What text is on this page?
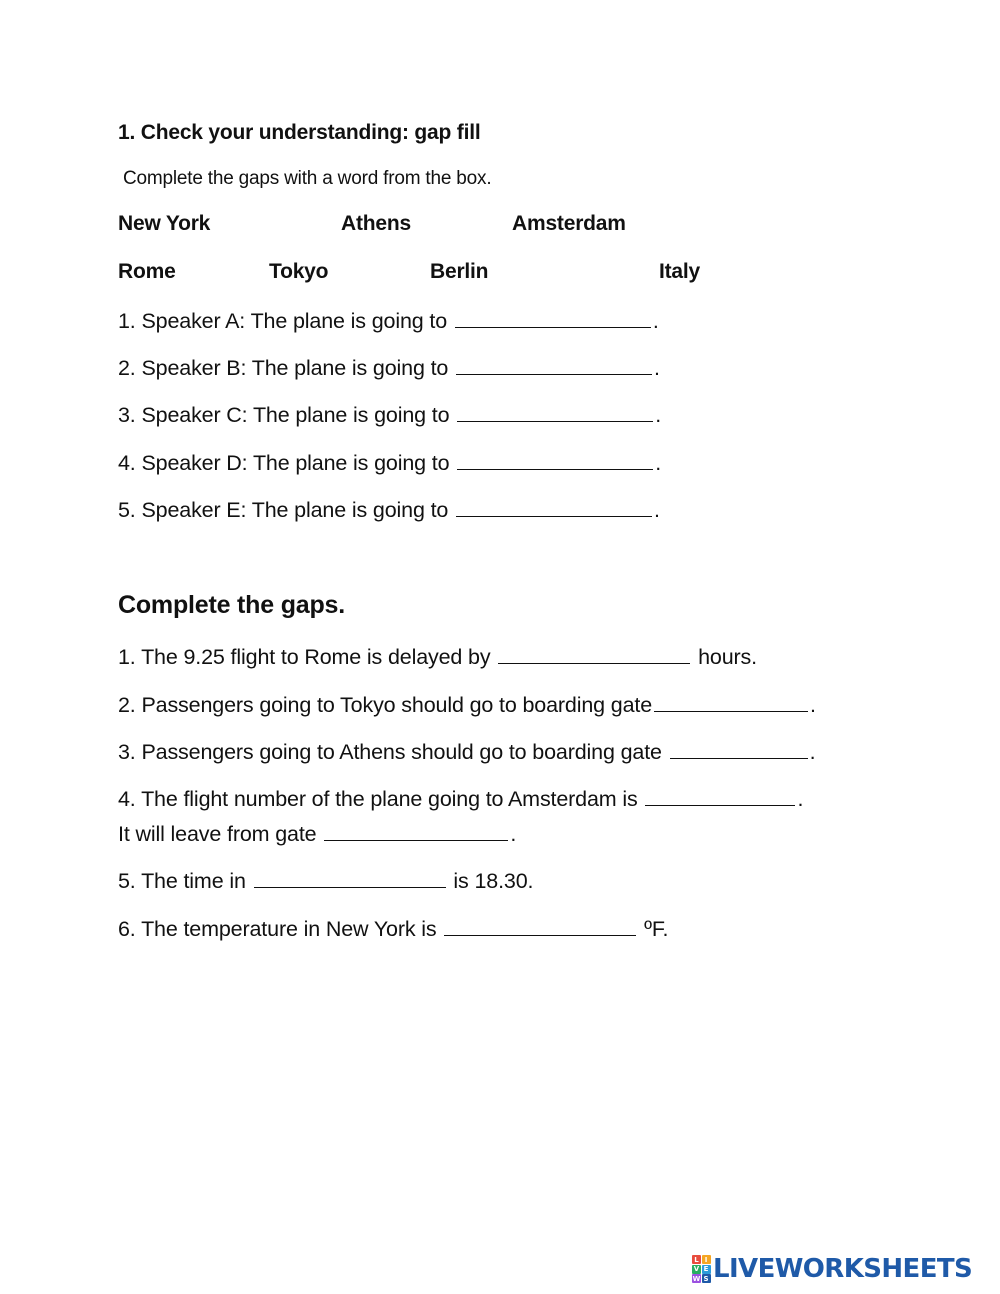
1. Check your understanding: gap fill
Complete the gaps with a word from the box.
New York	Athens	Amsterdam
Rome	Tokyo	Berlin	Italy
1. Speaker A: The plane is going to	.
2. Speaker B: The plane is going to	.
3. Speaker C: The plane is going to	.
4. Speaker D: The plane is going to	.
5. Speaker E: The plane is going to	.
Complete the gaps.
1. The 9.25 flight to Rome is delayed by	hours.
2. Passengers going to Tokyo should go to boarding gate	.
3. Passengers going to Athens should go to boarding gate	.
4. The flight number of the plane going to Amsterdam is	.
It will leave from gate	.
5. The time in	is 18.30.
6. The temperature in New York is	ºF.
L I
V E
W S LIVEWORKSHEETS
